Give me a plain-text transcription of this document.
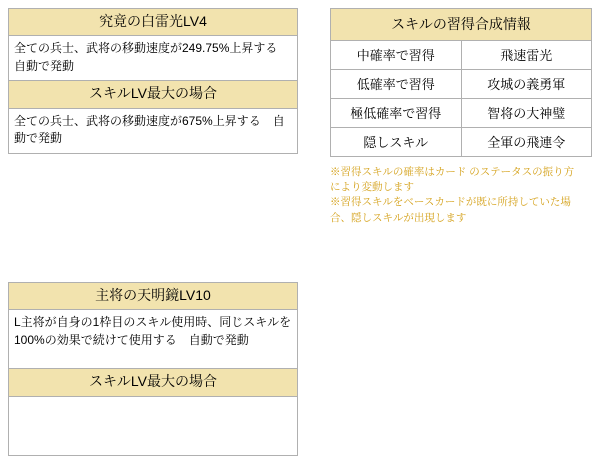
究竟の白雷光LV4
全ての兵士、武将の移動速度が249.75%上昇する　自動で発動
スキルLV最大の場合
全ての兵士、武将の移動速度が675%上昇する　自動で発動
スキルの習得合成情報	
中確率で習得	飛速雷光
低確率で習得	攻城の義勇軍
極低確率で習得	智将の大神璧
隠しスキル	全軍の飛連令

※習得スキルの確率はカード のステータスの振り方

により変動します

※習得スキルをベースカードが既に所持していた場

合、隠しスキルが出現します

主将の天明鏡LV10
L主将が自身の1枠目のスキル使用時、同じスキルを100%の効果で続けて使用する　自動で発動
スキルLV最大の場合
